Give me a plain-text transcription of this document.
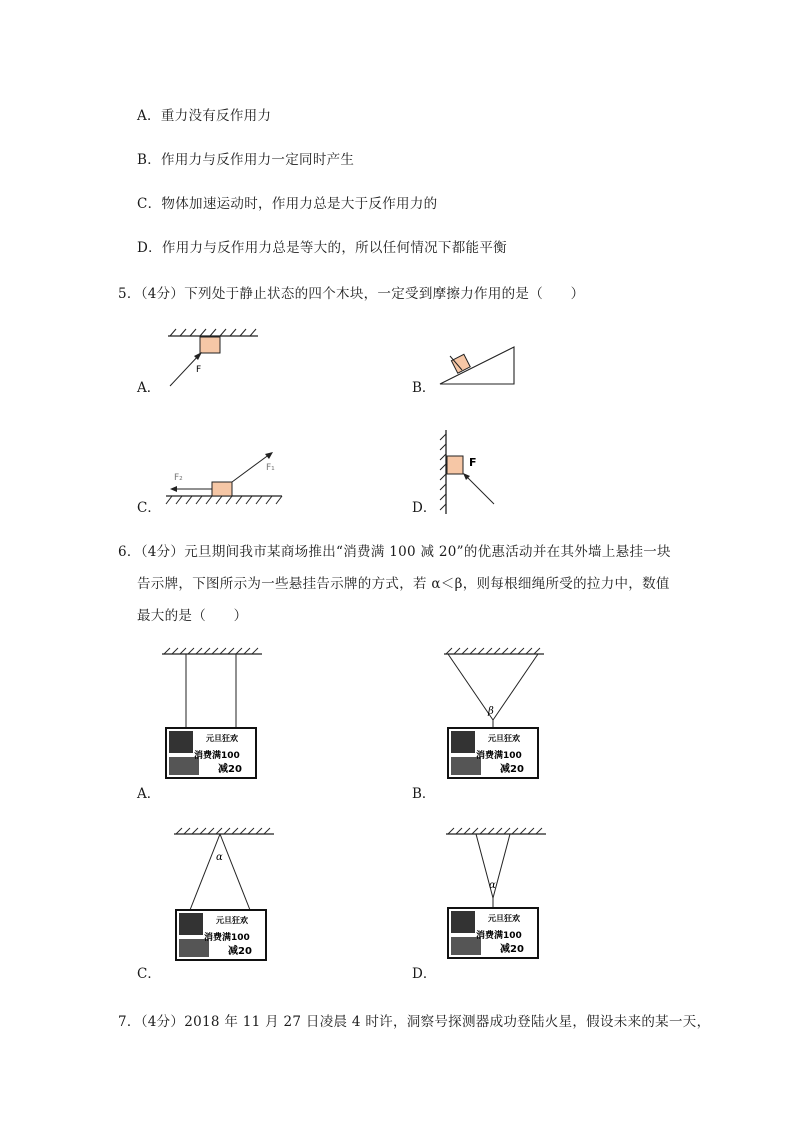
A．重力没有反作用力
B．作用力与反作用力一定同时产生
C．物体加速运动时，作用力总是大于反作用力的
D．作用力与反作用力总是等大的，所以任何情况下都能平衡
5．（4分）下列处于静止状态的四个木块，一定受到摩擦力作用的是（　　）
F
A．	B．
F₂
F₁
C．
F
D．
6．（4分）元旦期间我市某商场推出“消费满 100 减 20”的优惠活动并在其外墙上悬挂一块
告示牌，下图所示为一些悬挂告示牌的方式，若 α＜β，则每根细绳所受的拉力中，数值
最大的是（　　）
元旦狂欢
消费满100
减20
A．
β
元旦狂欢
消费满100
减20
B．
α
元旦狂欢
消费满100
减20
C．
α
元旦狂欢
消费满100
减20
D．
7．（4分）2018 年 11 月 27 日凌晨 4 时许，洞察号探测器成功登陆火星，假设未来的某一天，
